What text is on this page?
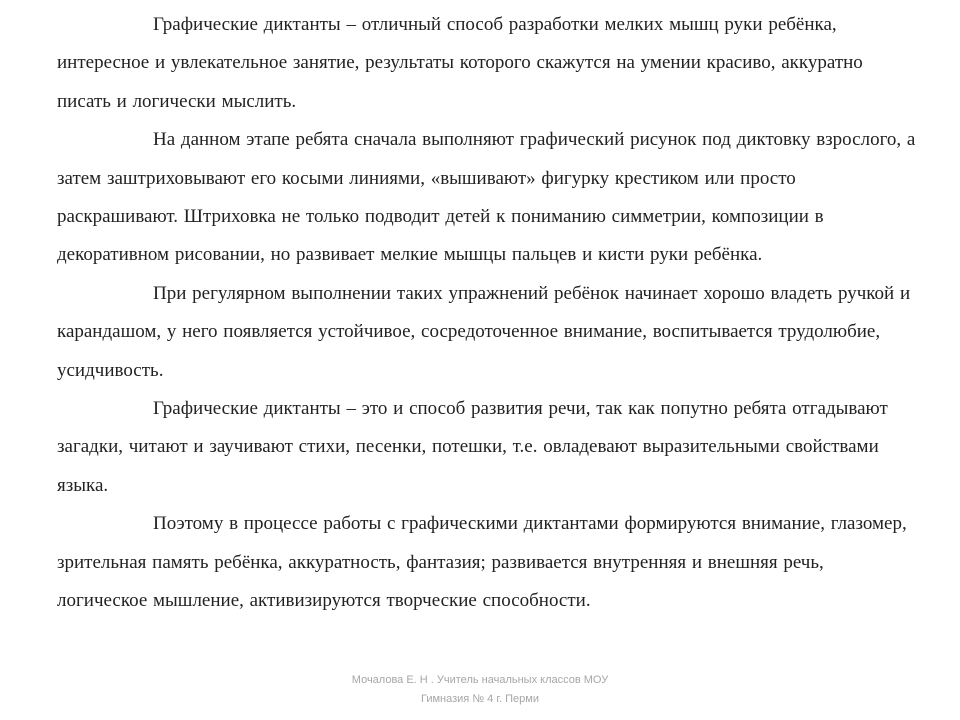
Графические диктанты – отличный способ разработки мелких мышц руки ребёнка, интересное и увлекательное занятие, результаты которого скажутся на умении красиво, аккуратно писать и логически мыслить.

На данном этапе ребята сначала выполняют графический рисунок под диктовку взрослого, а затем заштриховывают его косыми линиями, «вышивают» фигурку крестиком или просто раскрашивают. Штриховка не только подводит детей к пониманию симметрии, композиции в декоративном рисовании, но развивает мелкие мышцы пальцев и кисти руки ребёнка.

При регулярном выполнении таких упражнений ребёнок начинает хорошо владеть ручкой и карандашом, у него появляется устойчивое, сосредоточенное внимание, воспитывается трудолюбие, усидчивость.

Графические диктанты – это и способ развития речи, так как попутно ребята отгадывают загадки, читают и заучивают стихи, песенки, потешки, т.е. овладевают выразительными свойствами языка.

Поэтому в процессе работы с графическими диктантами формируются внимание, глазомер, зрительная память ребёнка, аккуратность, фантазия; развивается внутренняя и внешняя речь, логическое мышление, активизируются творческие способности.

Мочалова Е. Н . Учитель начальных классов МОУ
Гимназия № 4 г. Перми
